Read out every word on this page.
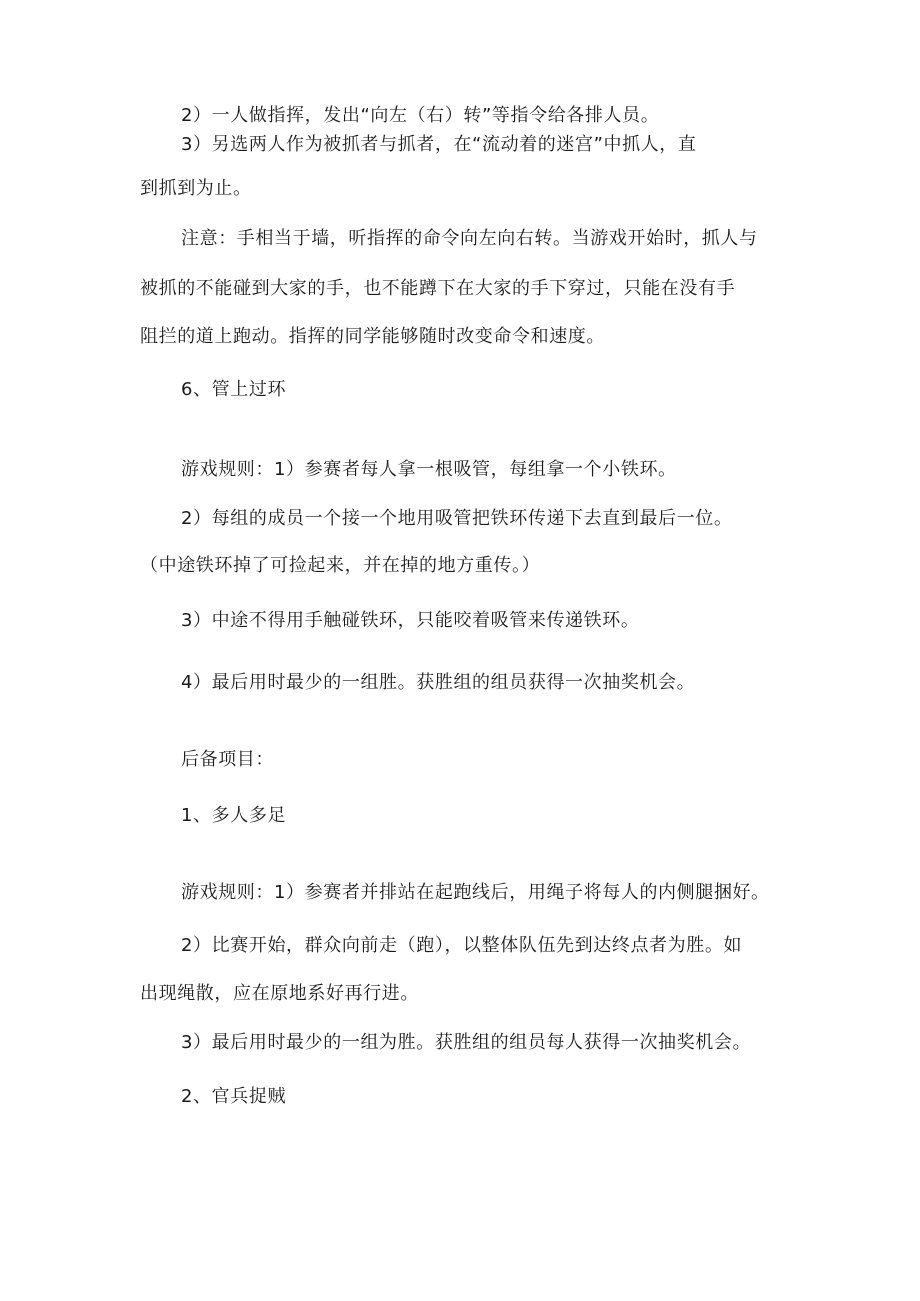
2）一人做指挥，发出“向左（右）转”等指令给各排人员。
3）另选两人作为被抓者与抓者，在“流动着的迷宫”中抓人，直
到抓到为止。
注意：手相当于墙，听指挥的命令向左向右转。当游戏开始时，抓人与
被抓的不能碰到大家的手，也不能蹲下在大家的手下穿过，只能在没有手
阻拦的道上跑动。指挥的同学能够随时改变命令和速度。
6、管上过环
游戏规则：1）参赛者每人拿一根吸管，每组拿一个小铁环。
2）每组的成员一个接一个地用吸管把铁环传递下去直到最后一位。
（中途铁环掉了可捡起来，并在掉的地方重传。）
3）中途不得用手触碰铁环，只能咬着吸管来传递铁环。
4）最后用时最少的一组胜。获胜组的组员获得一次抽奖机会。
后备项目：
1、多人多足
游戏规则：1）参赛者并排站在起跑线后，用绳子将每人的内侧腿捆好。
2）比赛开始，群众向前走（跑），以整体队伍先到达终点者为胜。如
出现绳散，应在原地系好再行进。
3）最后用时最少的一组为胜。获胜组的组员每人获得一次抽奖机会。
2、官兵捉贼
